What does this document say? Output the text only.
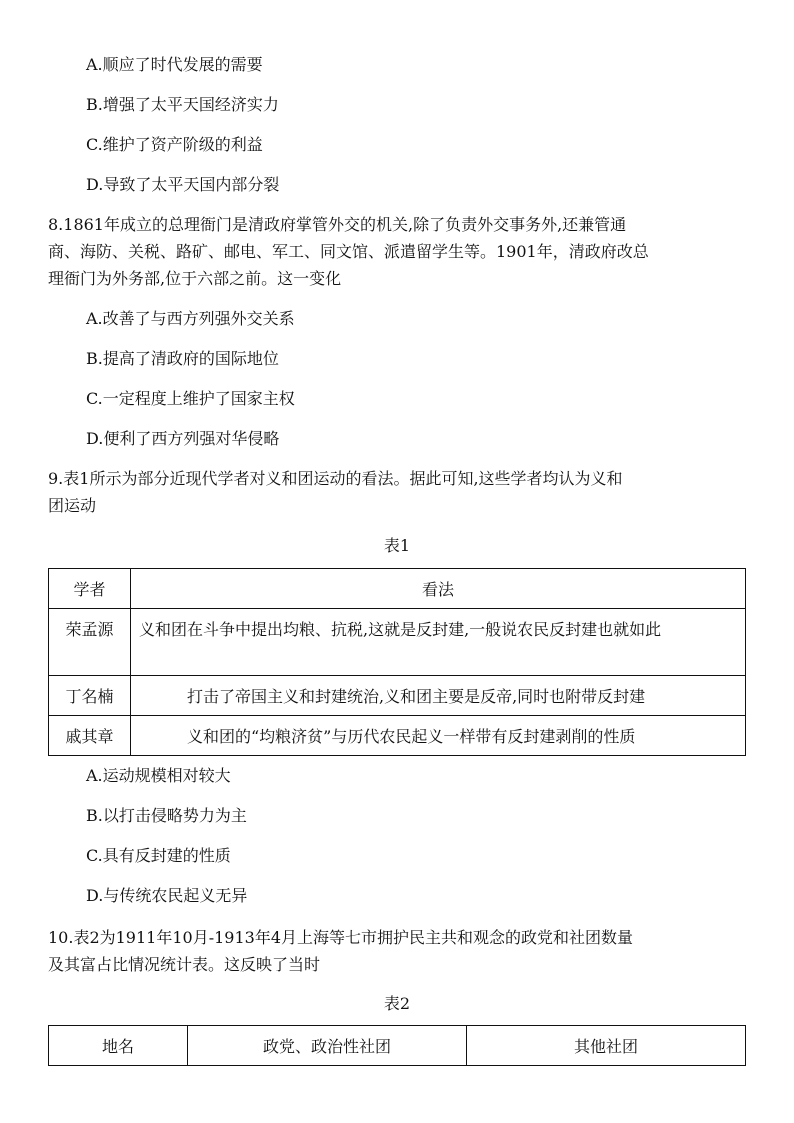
A.顺应了时代发展的需要
B.增强了太平天国经济实力
C.维护了资产阶级的利益
D.导致了太平天国内部分裂
8.1861年成立的总理衙门是清政府掌管外交的机关,除了负责外交事务外,还兼管通
商、海防、关税、路矿、邮电、军工、同文馆、派遣留学生等。1901年，清政府改总
理衙门为外务部,位于六部之前。这一变化
A.改善了与西方列强外交关系
B.提高了清政府的国际地位
C.一定程度上维护了国家主权
D.便利了西方列强对华侵略
9.表1所示为部分近现代学者对义和团运动的看法。据此可知,这些学者均认为义和
团运动
表1
学者	看法
荣孟源	义和团在斗争中提出均粮、抗税,这就是反封建,一般说农民反封建也就如此
丁名楠	打击了帝国主义和封建统治,义和团主要是反帝,同时也附带反封建
戚其章	义和团的“均粮济贫”与历代农民起义一样带有反封建剥削的性质
A.运动规模相对较大
B.以打击侵略势力为主
C.具有反封建的性质
D.与传统农民起义无异
10.表2为1911年10月-1913年4月上海等七市拥护民主共和观念的政党和社团数量
及其富占比情况统计表。这反映了当时
表2
地名	政党、政治性社团	其他社团
